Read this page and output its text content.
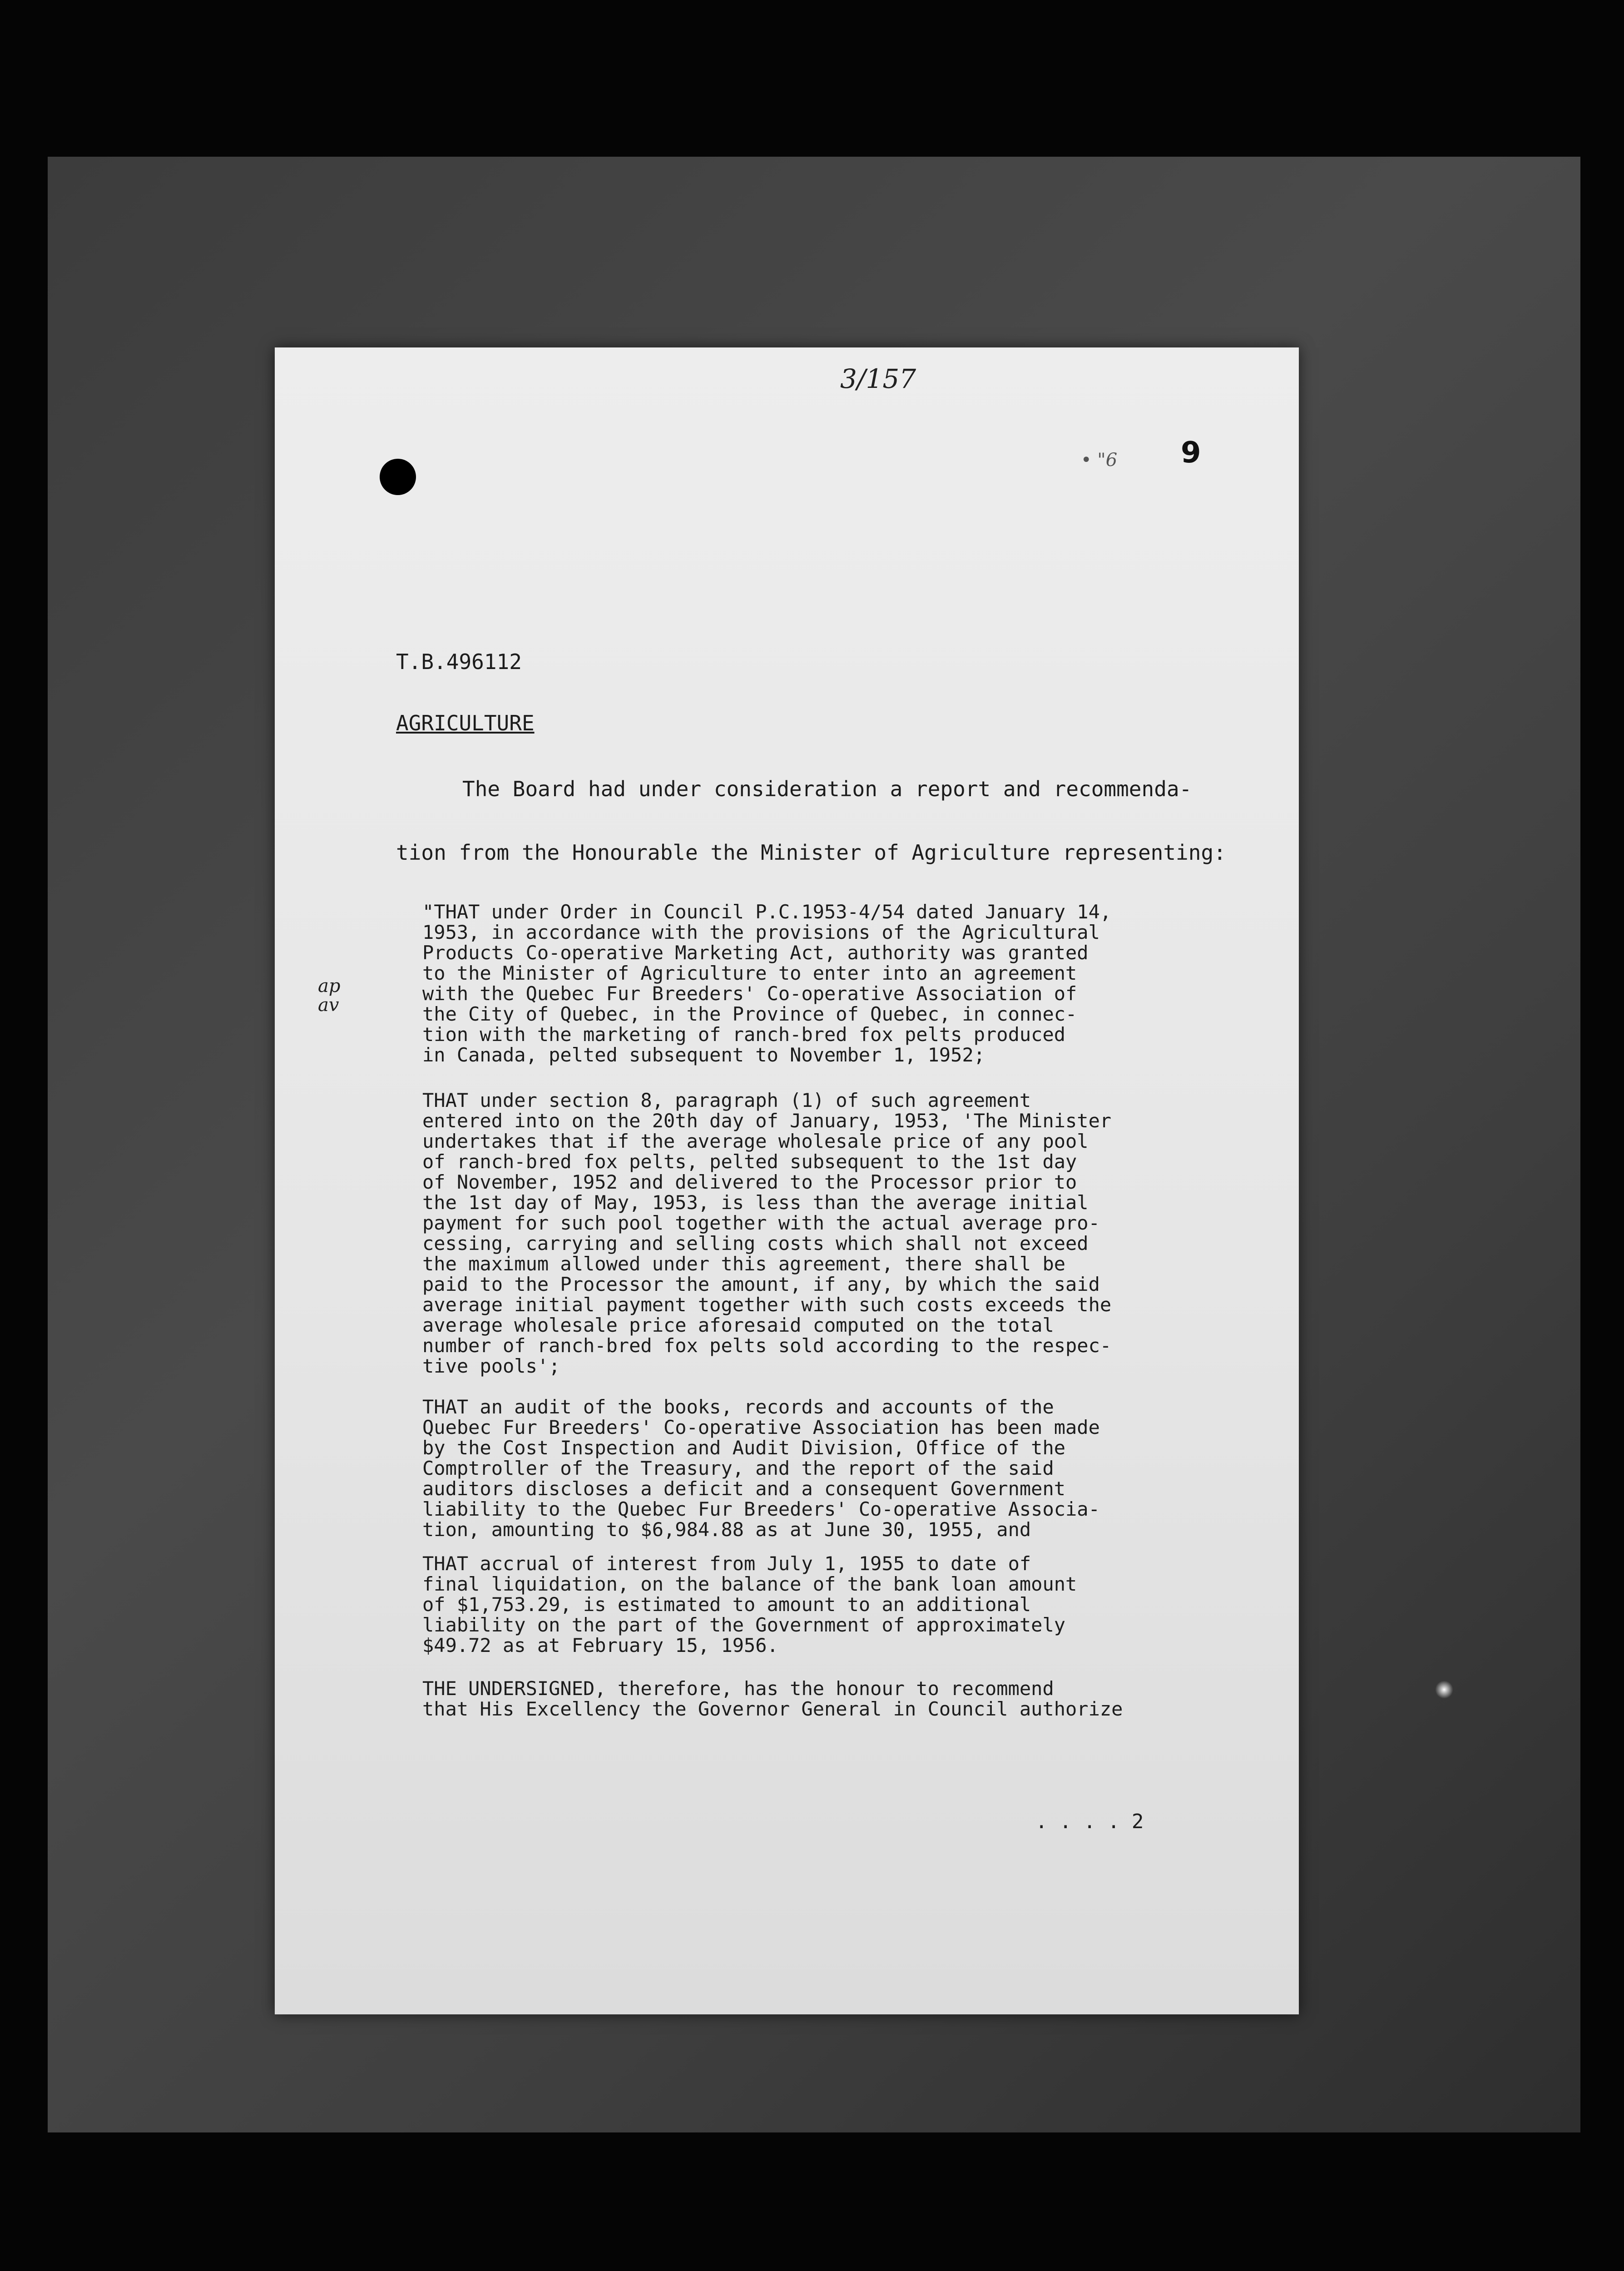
3/157
• "6 9
T.B.496112
AGRICULTURE
The Board had under consideration a report and recommenda-
tion from the Honourable the Minister of Agriculture representing:
ap
av
"THAT under Order in Council P.C.1953-4/54 dated January 14,
1953, in accordance with the provisions of the Agricultural
Products Co-operative Marketing Act, authority was granted
to the Minister of Agriculture to enter into an agreement
with the Quebec Fur Breeders' Co-operative Association of
the City of Quebec, in the Province of Quebec, in connec-
tion with the marketing of ranch-bred fox pelts produced
in Canada, pelted subsequent to November 1, 1952;
THAT under section 8, paragraph (1) of such agreement
entered into on the 20th day of January, 1953, 'The Minister
undertakes that if the average wholesale price of any pool
of ranch-bred fox pelts, pelted subsequent to the 1st day
of November, 1952 and delivered to the Processor prior to
the 1st day of May, 1953, is less than the average initial
payment for such pool together with the actual average pro-
cessing, carrying and selling costs which shall not exceed
the maximum allowed under this agreement, there shall be
paid to the Processor the amount, if any, by which the said
average initial payment together with such costs exceeds the
average wholesale price aforesaid computed on the total
number of ranch-bred fox pelts sold according to the respec-
tive pools';
THAT an audit of the books, records and accounts of the
Quebec Fur Breeders' Co-operative Association has been made
by the Cost Inspection and Audit Division, Office of the
Comptroller of the Treasury, and the report of the said
auditors discloses a deficit and a consequent Government
liability to the Quebec Fur Breeders' Co-operative Associa-
tion, amounting to $6,984.88 as at June 30, 1955, and
THAT accrual of interest from July 1, 1955 to date of
final liquidation, on the balance of the bank loan amount
of $1,753.29, is estimated to amount to an additional
liability on the part of the Government of approximately
$49.72 as at February 15, 1956.
THE UNDERSIGNED, therefore, has the honour to recommend
that His Excellency the Governor General in Council authorize
. . . . 2
